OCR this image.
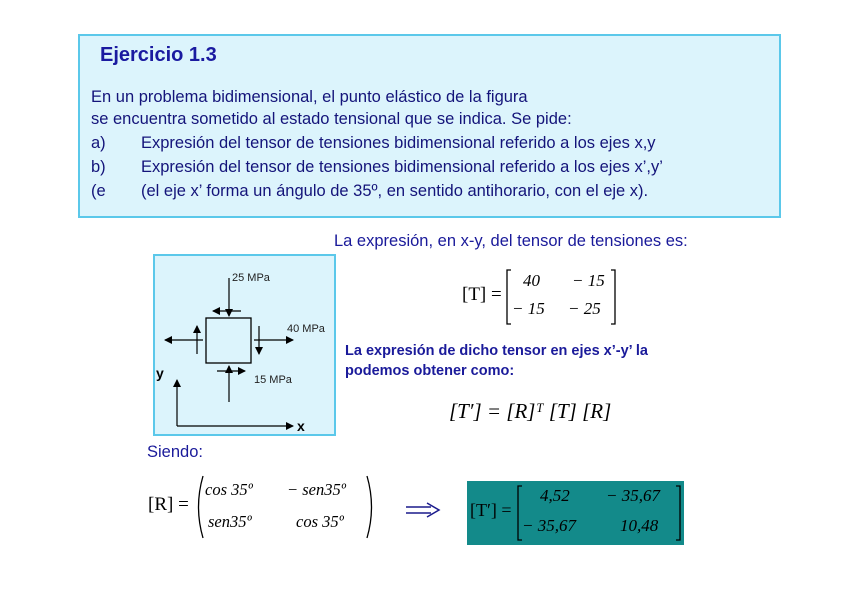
Ejercicio 1.3
En un problema bidimensional, el punto elástico de la figura
se encuentra sometido al estado tensional que se indica. Se pide:
a) Expresión del tensor de tensiones bidimensional referido a los ejes x,y
b) Expresión del tensor de tensiones bidimensional referido a los ejes x’,y’
(e (el eje x’ forma un ángulo de 35º, en sentido antihorario, con el eje x).
25 MPa
40 MPa
15 MPa
y
x
La expresión, en x-y, del tensor de tensiones es:
[T] =
40 − 15
− 15 − 25
La expresión de dicho tensor en ejes x’-y’ la
podemos obtener como:
[T′] = [R]ᵀ [T] [R]
Siendo:
[R] =
cos 35º − sen35º
sen35º	cos 35º
[T′] =
4,52 − 35,67
− 35,67	10,48
